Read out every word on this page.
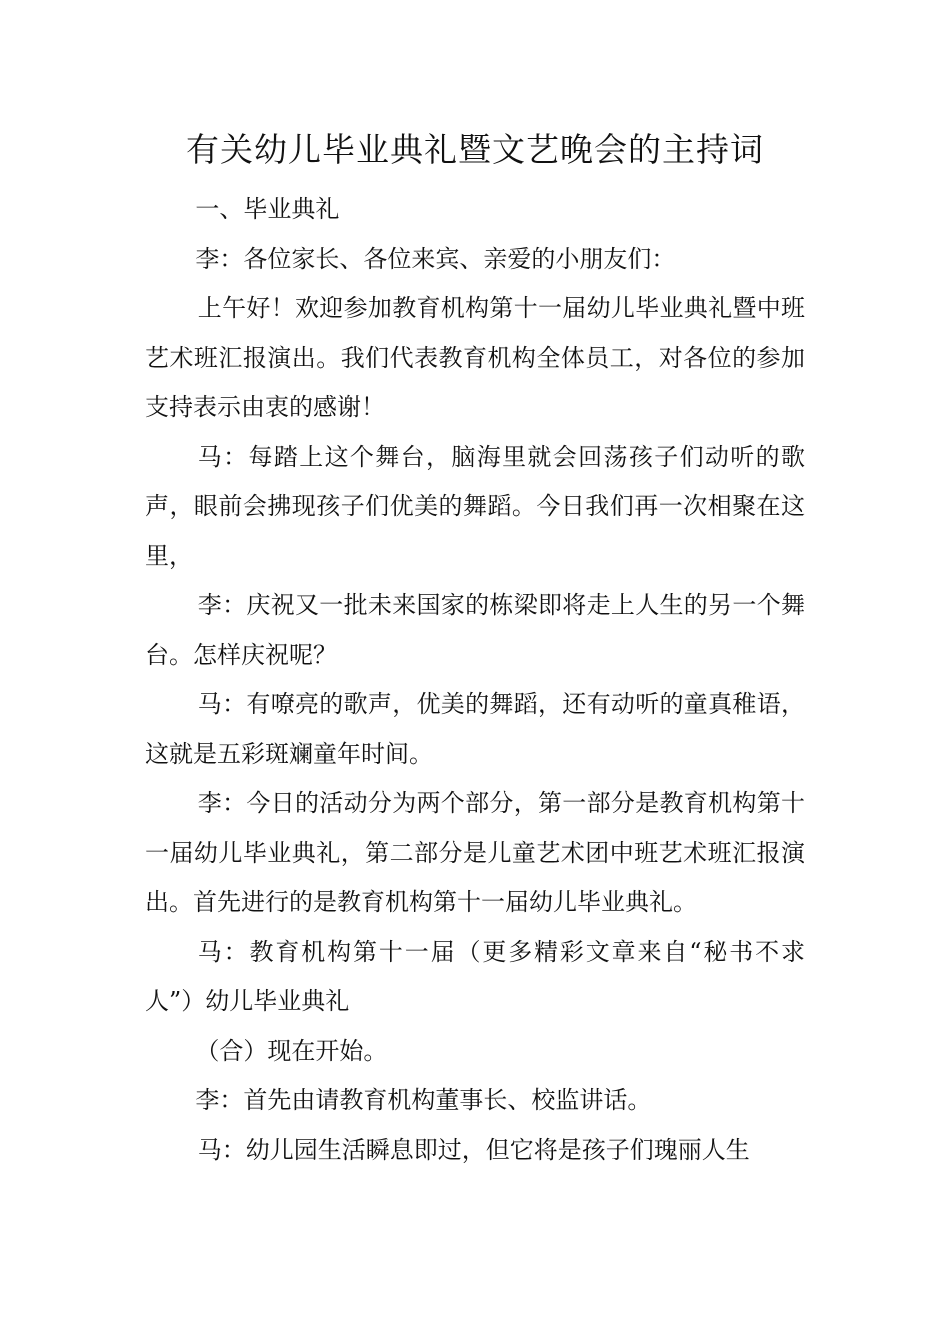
有关幼儿毕业典礼暨文艺晚会的主持词

一、毕业典礼

李：各位家长、各位来宾、亲爱的小朋友们：

上午好！欢迎参加教育机构第十一届幼儿毕业典礼暨中班艺术班汇报演出。我们代表教育机构全体员工，对各位的参加支持表示由衷的感谢！

马：每踏上这个舞台，脑海里就会回荡孩子们动听的歌声，眼前会拂现孩子们优美的舞蹈。今日我们再一次相聚在这里，

李：庆祝又一批未来国家的栋梁即将走上人生的另一个舞台。怎样庆祝呢？

马：有嘹亮的歌声，优美的舞蹈，还有动听的童真稚语，这就是五彩斑斓童年时间。

李：今日的活动分为两个部分，第一部分是教育机构第十一届幼儿毕业典礼，第二部分是儿童艺术团中班艺术班汇报演出。首先进行的是教育机构第十一届幼儿毕业典礼。

马：教育机构第十一届（更多精彩文章来自“秘书不求人”）幼儿毕业典礼

（合）现在开始。

李：首先由请教育机构董事长、校监讲话。

马：幼儿园生活瞬息即过，但它将是孩子们瑰丽人生
